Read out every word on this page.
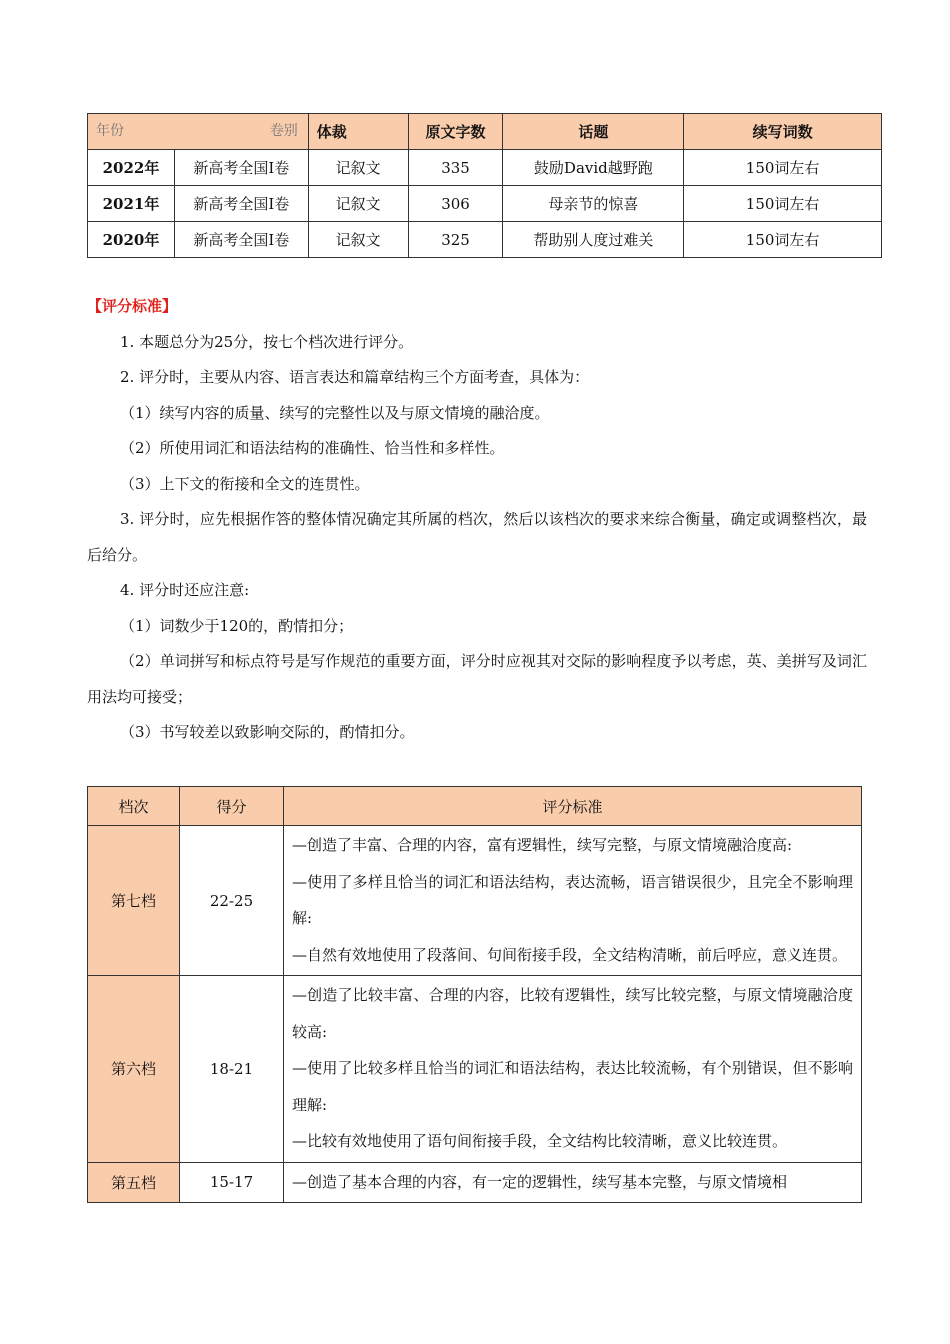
年份 卷别		体裁	原文字数	话题	续写词数
2022年	新高考全国I卷	记叙文	335	鼓励David越野跑	150词左右
2021年	新高考全国I卷	记叙文	306	母亲节的惊喜	150词左右
2020年	新高考全国I卷	记叙文	325	帮助别人度过难关	150词左右

【评分标准】

1. 本题总分为25分，按七个档次进行评分。

2. 评分时，主要从内容、语言表达和篇章结构三个方面考查，具体为：

（1）续写内容的质量、续写的完整性以及与原文情境的融洽度。

（2）所使用词汇和语法结构的准确性、恰当性和多样性。

（3）上下文的衔接和全文的连贯性。

3. 评分时，应先根据作答的整体情况确定其所属的档次，然后以该档次的要求来综合衡量，确定或调整档次，最后给分。

4. 评分时还应注意:

（1）词数少于120的，酌情扣分；

（2）单词拼写和标点符号是写作规范的重要方面，评分时应视其对交际的影响程度予以考虑，英、美拼写及词汇用法均可接受；

（3）书写较差以致影响交际的，酌情扣分。

档次	得分	评分标准
第七档	22-25	—创造了丰富、合理的内容，富有逻辑性，续写完整，与原文情境融洽度高:
—使用了多样且恰当的词汇和语法结构，表达流畅，语言错误很少，且完全不影响理解:
—自然有效地使用了段落间、句间衔接手段，全文结构清晰，前后呼应，意义连贯。

第六档	18-21	—创造了比较丰富、合理的内容，比较有逻辑性，续写比较完整，与原文情境融洽度较高:
—使用了比较多样且恰当的词汇和语法结构，表达比较流畅，有个别错误，但不影响理解:
—比较有效地使用了语句间衔接手段，全文结构比较清晰，意义比较连贯。

第五档	15-17	—创造了基本合理的内容，有一定的逻辑性，续写基本完整，与原文情境相
